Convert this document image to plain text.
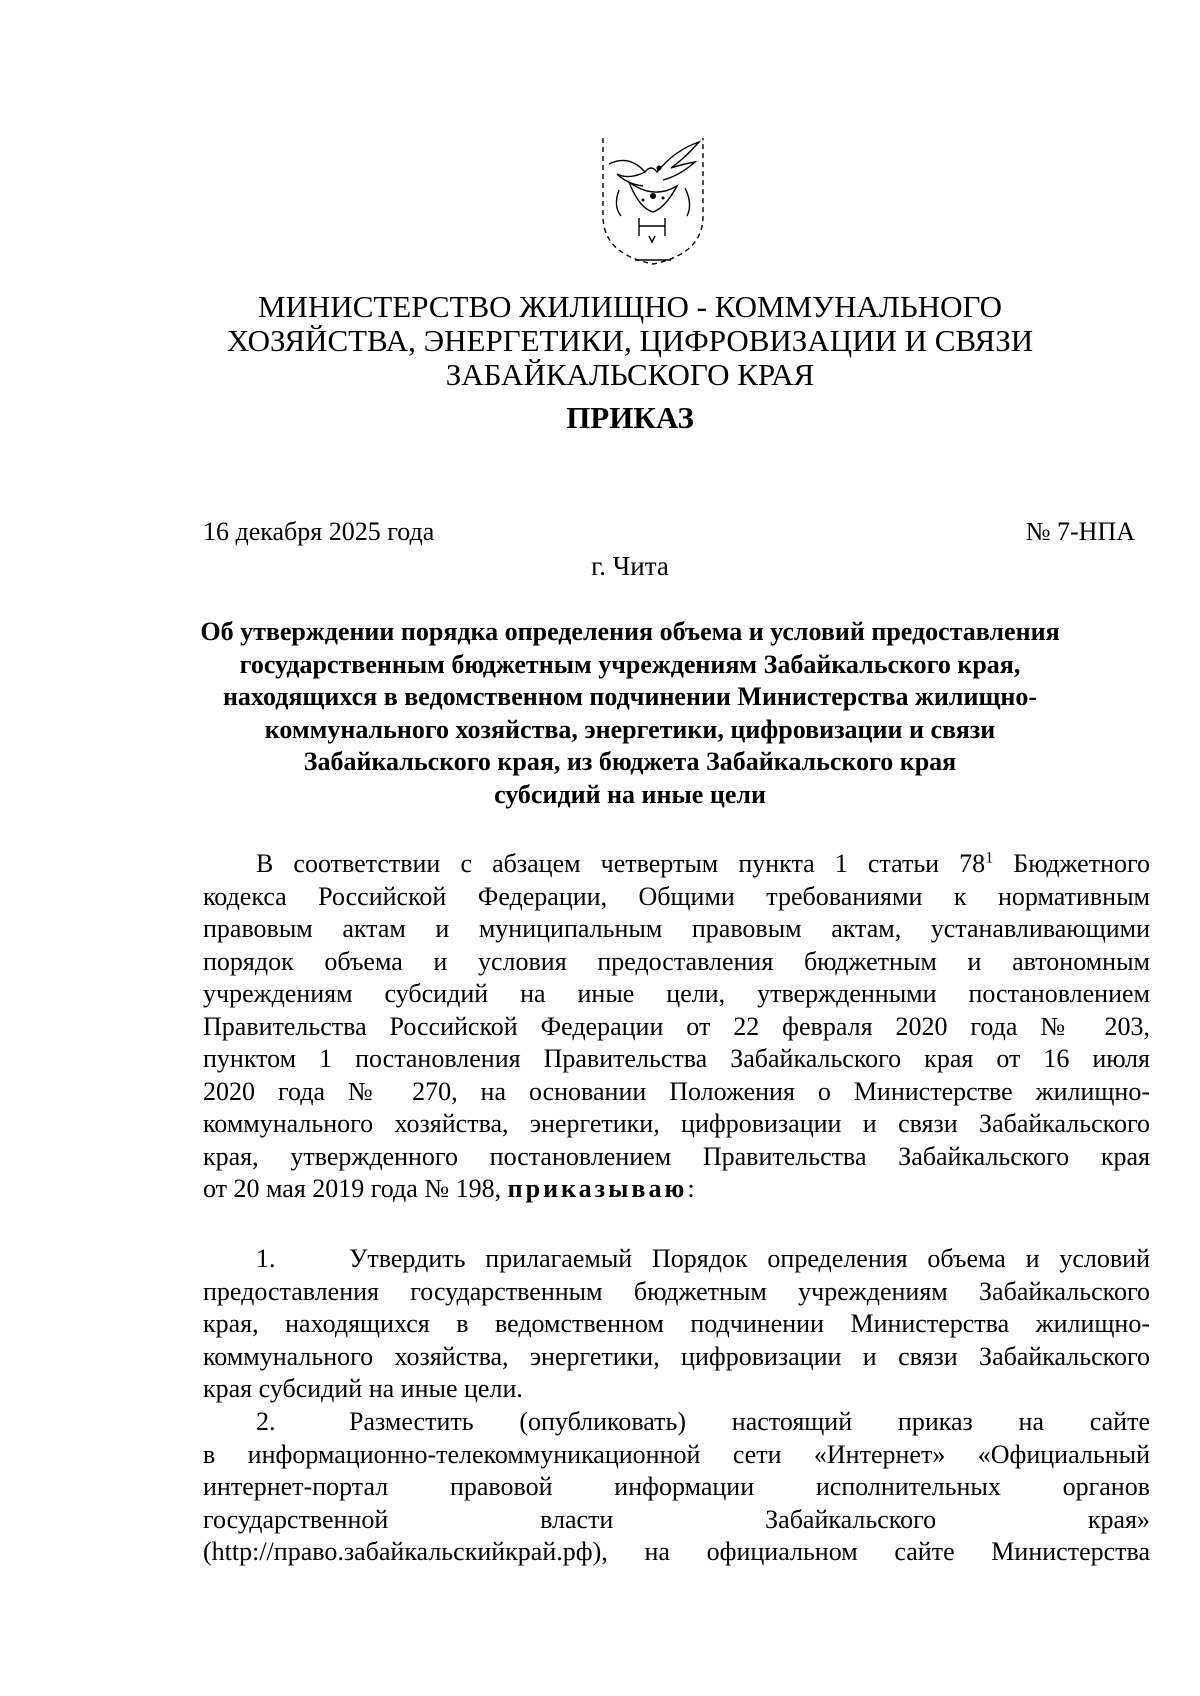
МИНИСТЕРСТВО ЖИЛИЩНО - КОММУНАЛЬНОГО
ХОЗЯЙСТВА, ЭНЕРГЕТИКИ, ЦИФРОВИЗАЦИИ И СВЯЗИ
ЗАБАЙКАЛЬСКОГО КРАЯ
ПРИКАЗ
16 декабря 2025 года	№ 7-НПА
г. Чита
Об утверждении порядка определения объема и условий предоставления
государственным бюджетным учреждениям Забайкальского края,
находящихся в ведомственном подчинении Министерства жилищно-
коммунального хозяйства, энергетики, цифровизации и связи
Забайкальского края, из бюджета Забайкальского края
субсидий на иные цели
В соответствии с абзацем четвертым пункта 1 статьи $78^1$ Бюджетного
кодекса Российской Федерации, Общими требованиями к нормативным
правовым актам и муниципальным правовым актам, устанавливающими
порядок объема и условия предоставления бюджетным и автономным
учреждениям субсидий на иные цели, утвержденными постановлением
Правительства Российской Федерации от 22 февраля 2020 года № 203,
пунктом 1 постановления Правительства Забайкальского края от 16 июля
2020 года № 270, на основании Положения о Министерстве жилищно-
коммунального хозяйства, энергетики, цифровизации и связи Забайкальского
края, утвержденного постановлением Правительства Забайкальского края
от 20 мая 2019 года № 198, приказываю:
1.	Утвердить прилагаемый Порядок определения объема и условий
предоставления государственным бюджетным учреждениям Забайкальского
края, находящихся в ведомственном подчинении Министерства жилищно-
коммунального хозяйства, энергетики, цифровизации и связи Забайкальского
края субсидий на иные цели.
2.	Разместить (опубликовать) настоящий приказ на сайте
в информационно-телекоммуникационной сети «Интернет» «Официальный
интернет-портал правовой информации исполнительных органов
государственной власти Забайкальского края»
(http://право.забайкальскийкрай.рф), на официальном сайте Министерства
